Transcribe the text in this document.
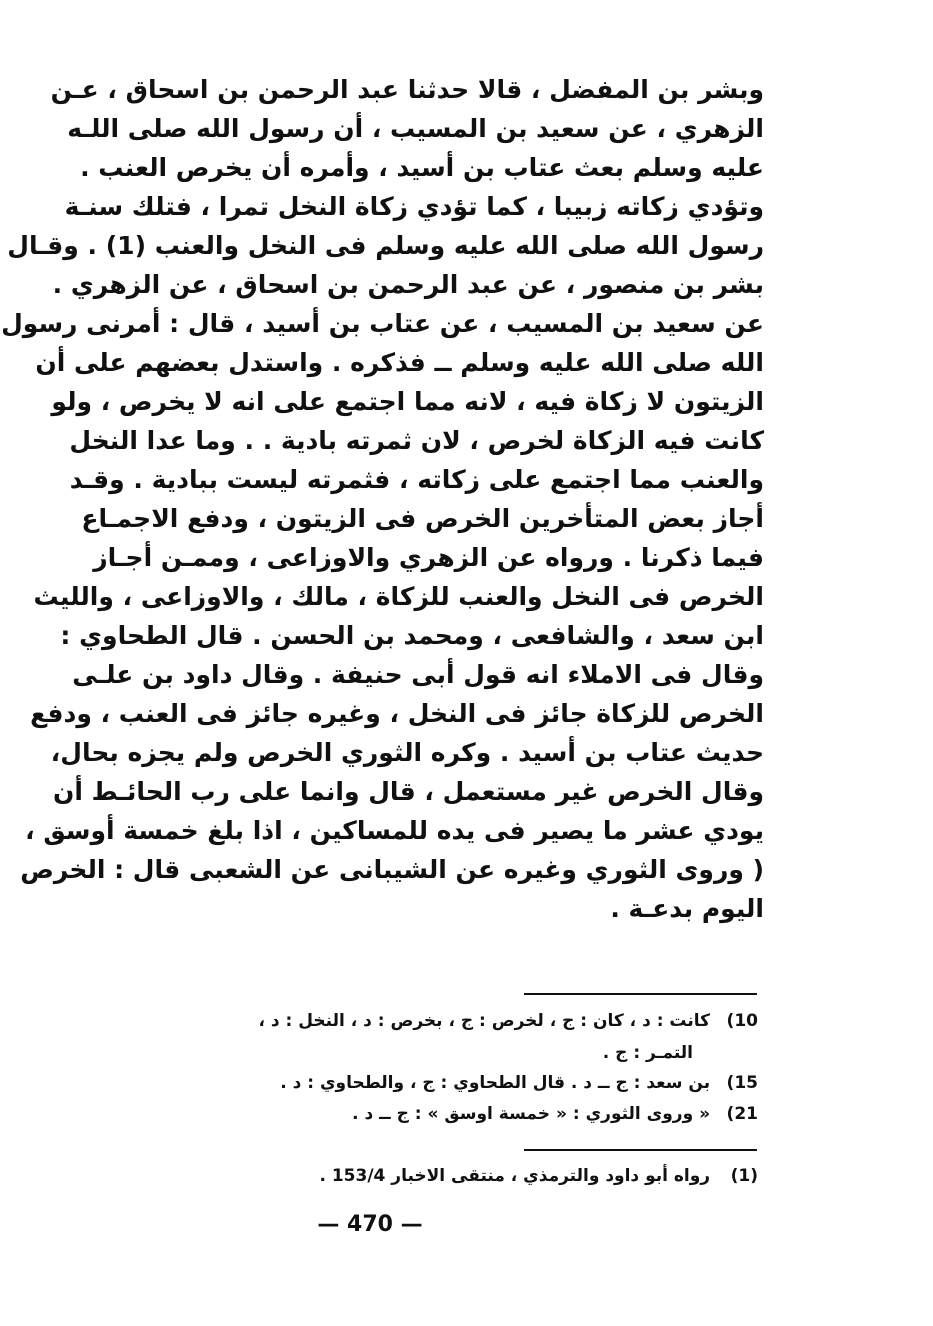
وبشر بن المفضل ، قالا حدثنا عبد الرحمن بن اسحاق ، عـن
الزهري ، عن سعيد بن المسيب ، أن رسول الله صلى اللـه
عليه وسلم بعث عتاب بن أسيد ، وأمره أن يخرص العنب .
وتؤدي زكاته زبيبا ، كما تؤدي زكاة النخل تمرا ، فتلك سنـة
رسول الله صلى الله عليه وسلم فى النخل والعنب (1) . وقـال
بشر بن منصور ، عن عبد الرحمن بن اسحاق ، عن الزهري .
عن سعيد بن المسيب ، عن عتاب بن أسيد ، قال : أمرنى رسول
الله صلى الله عليه وسلم ــ فذكره . واستدل بعضهم على أن
الزيتون لا زكاة فيه ، لانه مما اجتمع على انه لا يخرص ، ولو
كانت فيه الزكاة لخرص ، لان ثمرته بادية . . وما عدا النخل
والعنب مما اجتمع على زكاته ، فثمرته ليست ببادية . وقـد
أجاز بعض المتأخرين الخرص فى الزيتون ، ودفع الاجمـاع
فيما ذكرنا . ورواه عن الزهري والاوزاعى ، وممـن أجـاز
الخرص فى النخل والعنب للزكاة ، مالك ، والاوزاعى ، والليث
ابن سعد ، والشافعى ، ومحمد بن الحسن . قال الطحاوي :
وقال فى الاملاء انه قول أبى حنيفة . وقال داود بن علـى
الخرص للزكاة جائز فى النخل ، وغيره جائز فى العنب ، ودفع
حديث عتاب بن أسيد . وكره الثوري الخرص ولم يجزه بحال،
وقال الخرص غير مستعمل ، قال وانما على رب الحائـط أن
يودي عشر ما يصير فى يده للمساكين ، اذا بلغ خمسة أوسق ،
( وروى الثوري وغيره عن الشيبانى عن الشعبى قال : الخرص
اليوم بدعـة .
10) كانت : د ، كان : ج ، لخرص : ج ، بخرص : د ، النخل : د ،
التمـر : ج .
15) بن سعد : ج ــ د . قال الطحاوي : ج ، والطحاوي : د .
21) « وروى الثوري : « خمسة اوسق » : ج ــ د .
(1) رواه أبو داود والترمذي ، منتقى الاخبار 153/4 .
— 470 —
